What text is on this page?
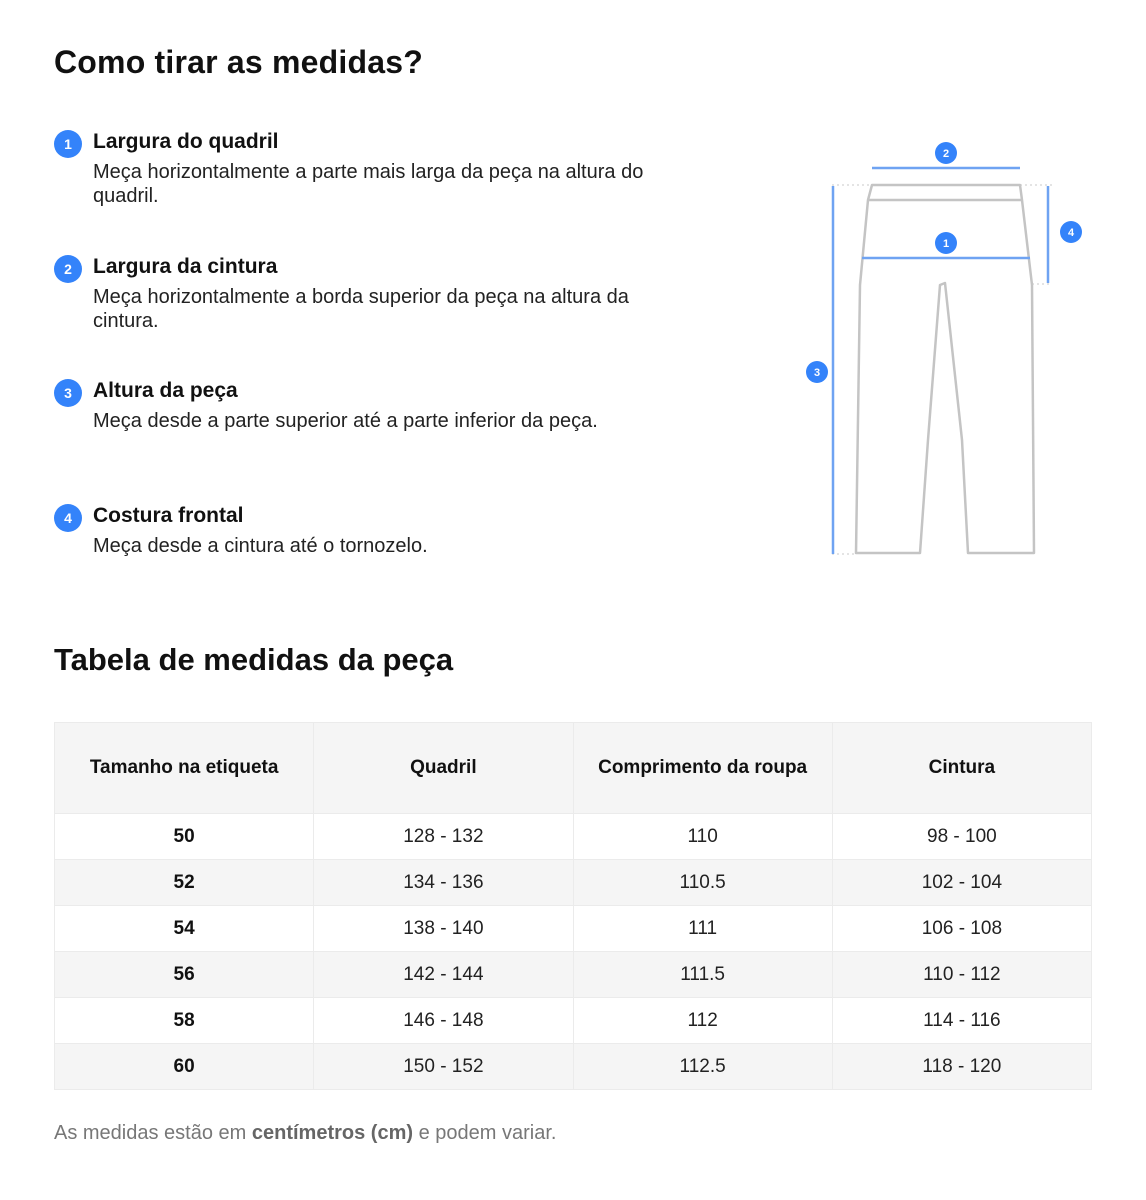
Como tirar as medidas?
1	Largura do quadril
Meça horizontalmente a parte mais larga da peça na altura do quadril.
2	Largura da cintura
Meça horizontalmente a borda superior da peça na altura da cintura.
3	Altura da peça
Meça desde a parte superior até a parte inferior da peça.
4	Costura frontal
Meça desde a cintura até o tornozelo.
2
1
4
3
Tabela de medidas da peça
Tamanho na etiqueta	Quadril	Comprimento da roupa	Cintura
50	128 - 132	110	98 - 100
52	134 - 136	110.5	102 - 104
54	138 - 140	111	106 - 108
56	142 - 144	111.5	110 - 112
58	146 - 148	112	114 - 116
60	150 - 152	112.5	118 - 120
As medidas estão em centímetros (cm) e podem variar.
